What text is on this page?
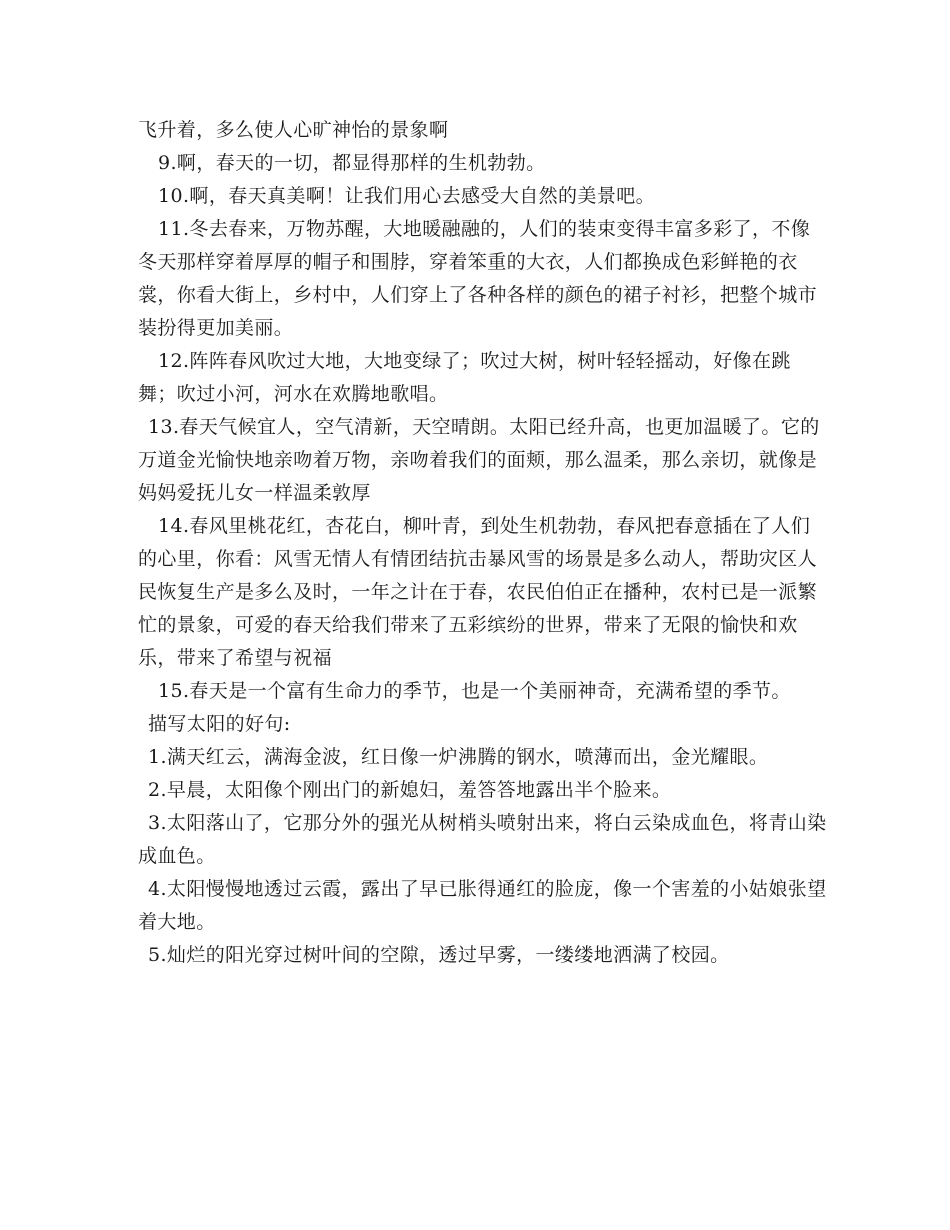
飞升着，多么使人心旷神怡的景象啊

9.啊，春天的一切，都显得那样的生机勃勃。

10.啊，春天真美啊！让我们用心去感受大自然的美景吧。

11.冬去春来，万物苏醒，大地暖融融的，人们的装束变得丰富多彩了，不像冬天那样穿着厚厚的帽子和围脖，穿着笨重的大衣，人们都换成色彩鲜艳的衣裳，你看大街上，乡村中，人们穿上了各种各样的颜色的裙子衬衫，把整个城市装扮得更加美丽。

12.阵阵春风吹过大地，大地变绿了；吹过大树，树叶轻轻摇动，好像在跳舞；吹过小河，河水在欢腾地歌唱。

13.春天气候宜人，空气清新，天空晴朗。太阳已经升高，也更加温暖了。它的万道金光愉快地亲吻着万物，亲吻着我们的面颊，那么温柔，那么亲切，就像是妈妈爱抚儿女一样温柔敦厚

14.春风里桃花红，杏花白，柳叶青，到处生机勃勃，春风把春意插在了人们的心里，你看：风雪无情人有情团结抗击暴风雪的场景是多么动人，帮助灾区人民恢复生产是多么及时，一年之计在于春，农民伯伯正在播种，农村已是一派繁忙的景象，可爱的春天给我们带来了五彩缤纷的世界，带来了无限的愉快和欢乐，带来了希望与祝福

15.春天是一个富有生命力的季节，也是一个美丽神奇，充满希望的季节。

描写太阳的好句:

1.满天红云，满海金波，红日像一炉沸腾的钢水，喷薄而出，金光耀眼。

2.早晨，太阳像个刚出门的新媳妇，羞答答地露出半个脸来。

3.太阳落山了，它那分外的强光从树梢头喷射出来，将白云染成血色，将青山染成血色。

4.太阳慢慢地透过云霞，露出了早已胀得通红的脸庞，像一个害羞的小姑娘张望着大地。

5.灿烂的阳光穿过树叶间的空隙，透过早雾，一缕缕地洒满了校园。
